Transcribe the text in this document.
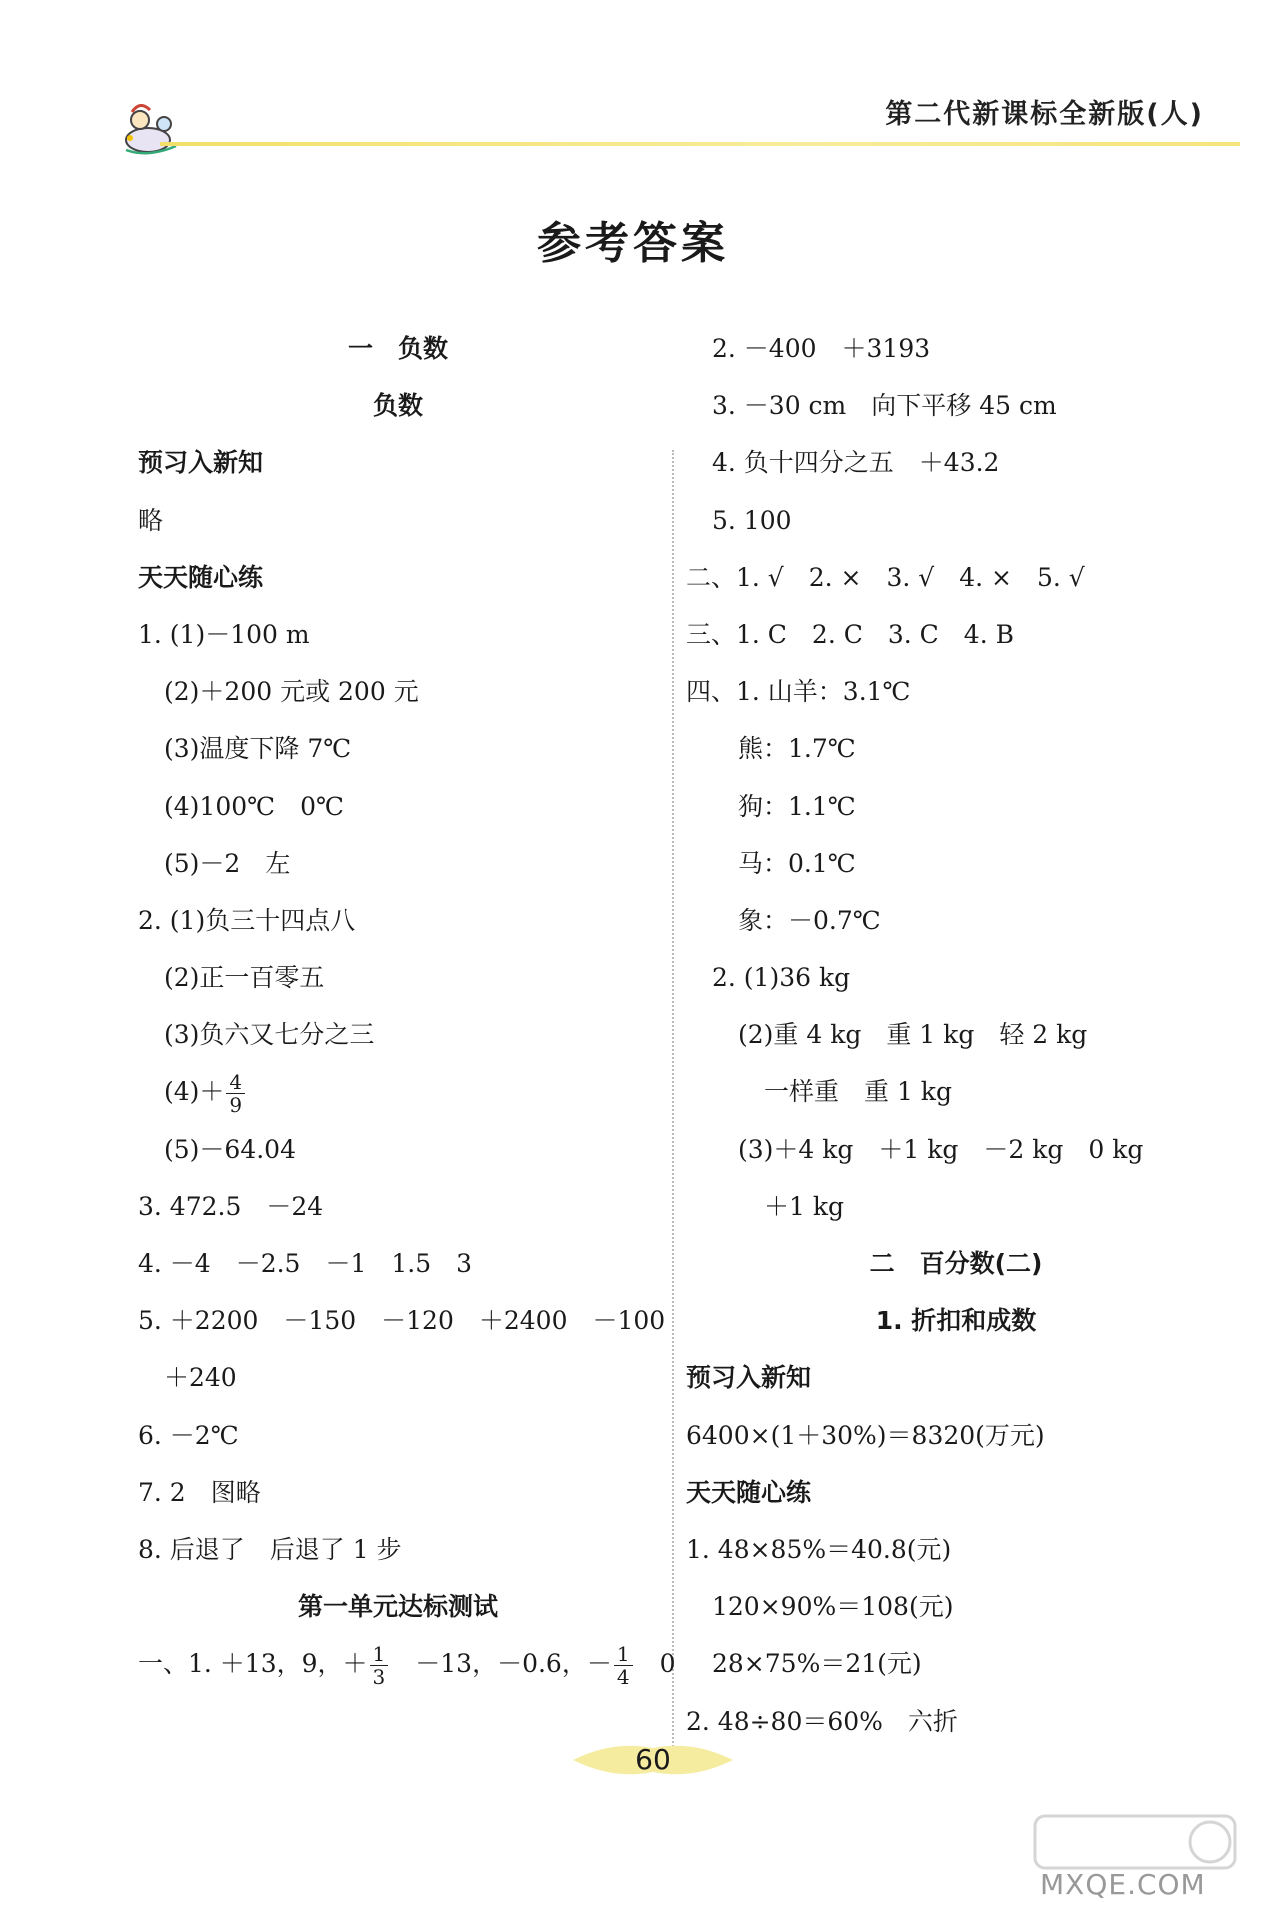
第二代新课标全新版(人)
参考答案
一　负数
负数
预习入新知
略
天天随心练
1. (1)－100 m
(2)＋200 元或 200 元
(3)温度下降 7℃
(4)100℃　0℃
(5)－2　左
2. (1)负三十四点八
(2)正一百零五
(3)负六又七分之三
$(4)+ \frac{4}{9}$
(5)－64.04
3. 472.5　－24
4. －4　－2.5　－1　1.5　3
5. ＋2200　－150　－120　＋2400　－100
＋240
6. －2℃
7. 2　图略
8. 后退了　后退了 1 步
第一单元达标测试
一、1. ＋13，9，＋ $\frac{1}{3}$ 　－13，－0.6，－ $\frac{1}{4}$ 　0
2. －400　＋3193
3. －30 cm　向下平移 45 cm
4. 负十四分之五　＋43.2
5. 100
二、1. √　2. ×　3. √　4. ×　5. √
三、1. C　2. C　3. C　4. B
四、1. 山羊：3.1℃
熊：1.7℃
狗：1.1℃
马：0.1℃
象：－0.7℃
2. (1)36 kg
(2)重 4 kg　重 1 kg　轻 2 kg
一样重　重 1 kg
(3)＋4 kg　＋1 kg　－2 kg　0 kg
＋1 kg
二　百分数(二)
1. 折扣和成数
预习入新知
6400×(1＋30%)＝8320(万元)
天天随心练
1. 48×85%＝40.8(元)
120×90%＝108(元)
28×75%＝21(元)
2. 48÷80＝60%　六折
60
MXQE.COM
